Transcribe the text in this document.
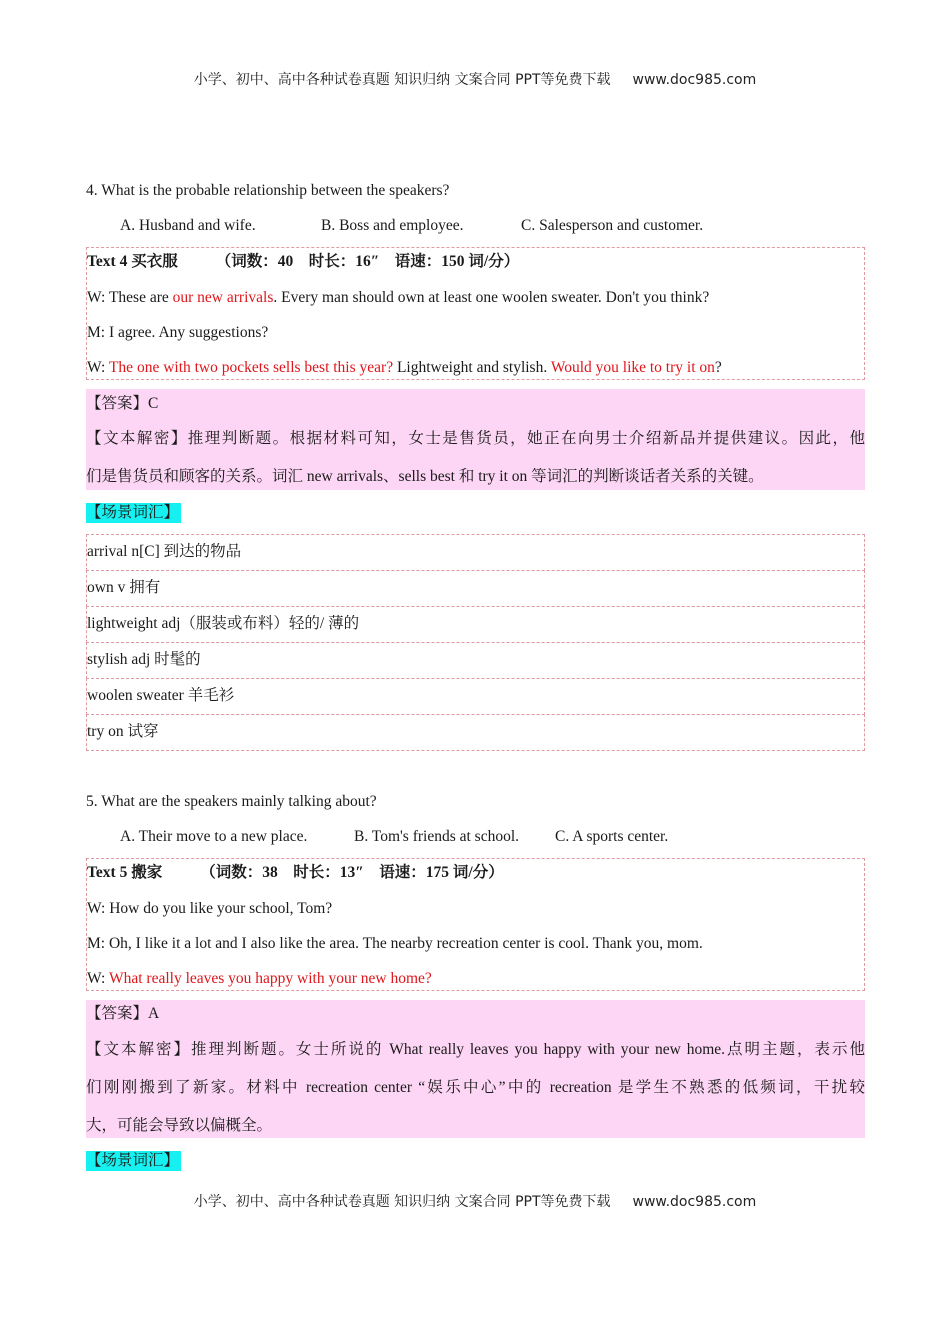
小学、初中、高中各种试卷真题 知识归纳 文案合同 PPT等免费下载 www.doc985.com
4. What is the probable relationship between the speakers?
A. Husband and wife.	B. Boss and employee.	C. Salesperson and customer.
Text 4 买衣服 （词数：40　时长：16″　语速：150 词/分）
W: These are our new arrivals. Every man should own at least one woolen sweater. Don't you think?
M: I agree. Any suggestions?
W: The one with two pockets sells best this year? Lightweight and stylish. Would you like to try it on?
【答案】C
【文本解密】推理判断题。根据材料可知，女士是售货员，她正在向男士介绍新品并提供建议。因此，他
们是售货员和顾客的关系。词汇 new arrivals、sells best 和 try it on 等词汇的判断谈话者关系的关键。
【场景词汇】
arrival n[C] 到达的物品
own v 拥有
lightweight adj（服装或布料）轻的/ 薄的
stylish adj 时髦的
woolen sweater 羊毛衫
try on 试穿
5. What are the speakers mainly talking about?
A. Their move to a new place.	B. Tom's friends at school. C. A sports center.
Text 5 搬家 （词数：38　时长：13″　语速：175 词/分）
W: How do you like your school, Tom?
M: Oh, I like it a lot and I also like the area. The nearby recreation center is cool. Thank you, mom.
W: What really leaves you happy with your new home?
【答案】A
【文本解密】推理判断题。女士所说的 What really leaves you happy with your new home.点明主题，表示他
们刚刚搬到了新家。材料中 recreation center “娱乐中心”中的 recreation 是学生不熟悉的低频词，干扰较
大，可能会导致以偏概全。
【场景词汇】
小学、初中、高中各种试卷真题 知识归纳 文案合同 PPT等免费下载 www.doc985.com
